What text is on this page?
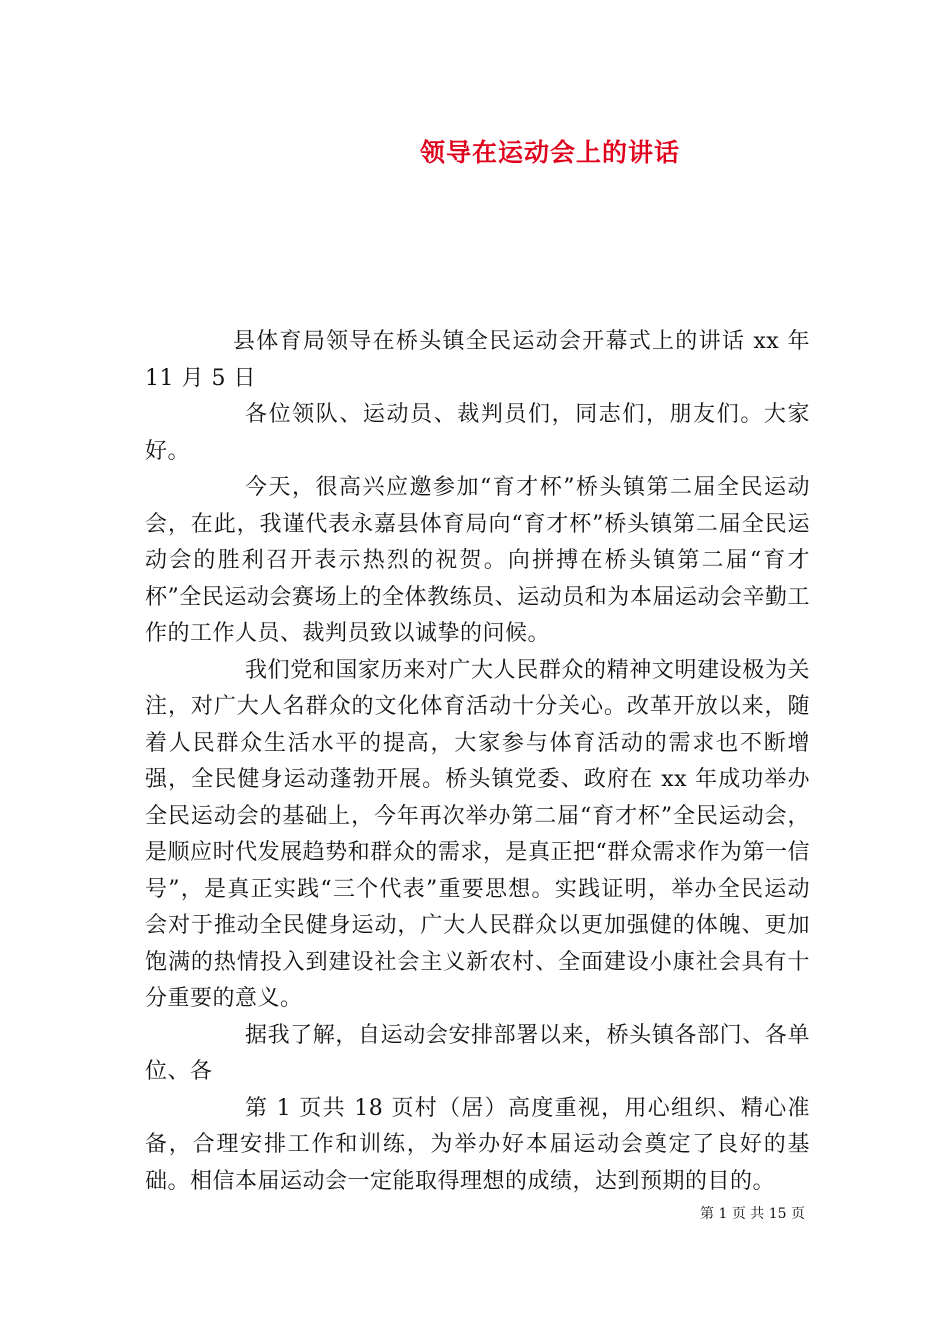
领导在运动会上的讲话

县体育局领导在桥头镇全民运动会开幕式上的讲话 xx 年 11 月 5 日

各位领队、运动员、裁判员们，同志们，朋友们。大家好。

今天，很高兴应邀参加“育才杯”桥头镇第二届全民运动会，在此，我谨代表永嘉县体育局向“育才杯”桥头镇第二届全民运动会的胜利召开表示热烈的祝贺。向拼搏在桥头镇第二届“育才杯”全民运动会赛场上的全体教练员、运动员和为本届运动会辛勤工作的工作人员、裁判员致以诚挚的问候。

我们党和国家历来对广大人民群众的精神文明建设极为关注，对广大人名群众的文化体育活动十分关心。改革开放以来，随着人民群众生活水平的提高，大家参与体育活动的需求也不断增强，全民健身运动蓬勃开展。桥头镇党委、政府在 xx 年成功举办全民运动会的基础上，今年再次举办第二届“育才杯”全民运动会，是顺应时代发展趋势和群众的需求，是真正把“群众需求作为第一信号”，是真正实践“三个代表”重要思想。实践证明，举办全民运动会对于推动全民健身运动，广大人民群众以更加强健的体魄、更加饱满的热情投入到建设社会主义新农村、全面建设小康社会具有十分重要的意义。

据我了解，自运动会安排部署以来，桥头镇各部门、各单位、各

第 1 页共 18 页村（居）高度重视，用心组织、精心准备，合理安排工作和训练，为举办好本届运动会奠定了良好的基础。相信本届运动会一定能取得理想的成绩，达到预期的目的。

第 1 页 共 15 页
